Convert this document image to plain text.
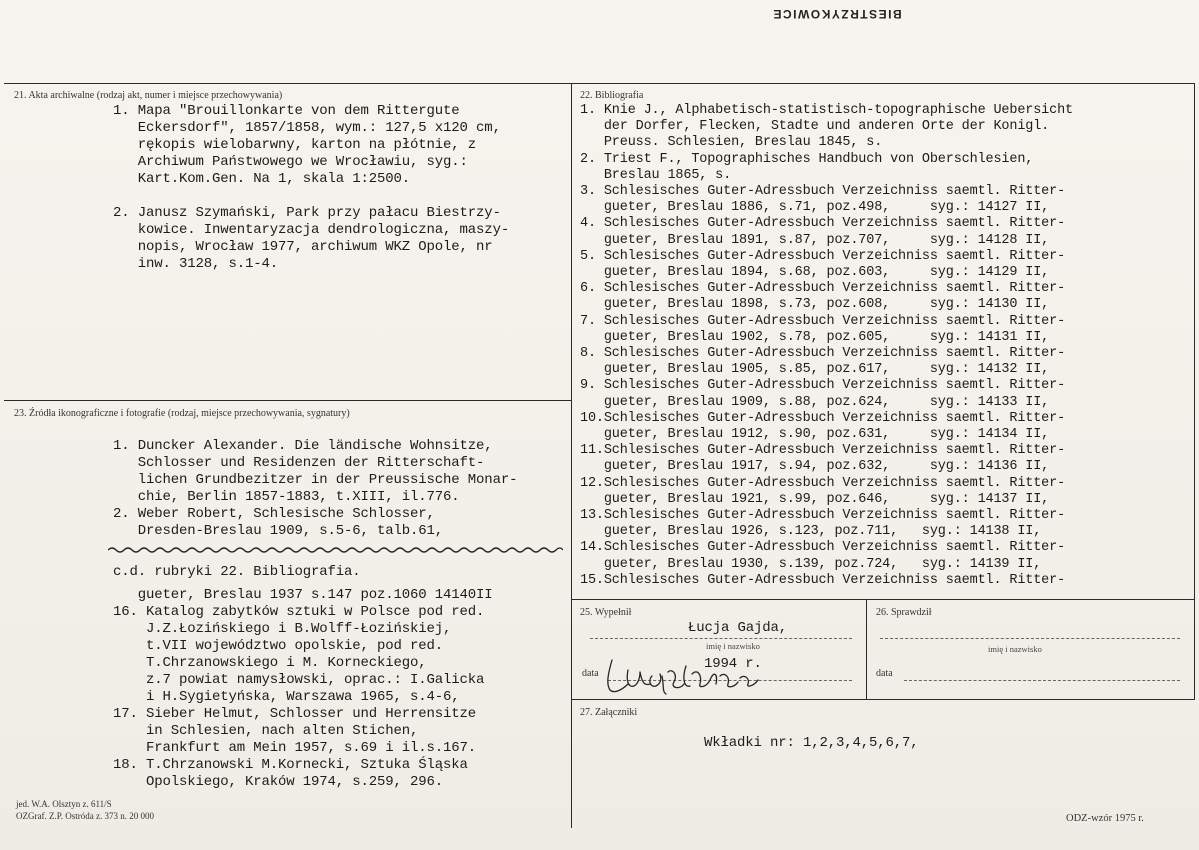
BIESTRZYKOWICE
21. Akta archiwalne (rodzaj akt, numer i miejsce przechowywania)
1. Mapa "Brouillonkarte von dem Rittergute
Eckersdorf", 1857/1858, wym.: 127,5 x120 cm,
rękopis wielobarwny, karton na płótnie, z
Archiwum Państwowego we Wrocławiu, syg.:
Kart.Kom.Gen. Na 1, skala 1:2500.

2. Janusz Szymański, Park przy pałacu Biestrzy-
kowice. Inwentaryzacja dendrologiczna, maszy-
nopis, Wrocław 1977, archiwum WKZ Opole, nr
inw. 3128, s.1-4.
22. Bibliografia
1. Knie J., Alphabetisch-statistisch-topographische Uebersicht
der Dorfer, Flecken, Stadte und anderen Orte der Konigl.
Preuss. Schlesien, Breslau 1845, s.
2. Triest F., Topographisches Handbuch von Oberschlesien,
Breslau 1865, s.
3. Schlesisches Guter-Adressbuch Verzeichniss saemtl. Ritter-
gueter, Breslau 1886, s.71, poz.498,     syg.: 14127 II,
4. Schlesisches Guter-Adressbuch Verzeichniss saemtl. Ritter-
gueter, Breslau 1891, s.87, poz.707,     syg.: 14128 II,
5. Schlesisches Guter-Adressbuch Verzeichniss saemtl. Ritter-
gueter, Breslau 1894, s.68, poz.603,     syg.: 14129 II,
6. Schlesisches Guter-Adressbuch Verzeichniss saemtl. Ritter-
gueter, Breslau 1898, s.73, poz.608,     syg.: 14130 II,
7. Schlesisches Guter-Adressbuch Verzeichniss saemtl. Ritter-
gueter, Breslau 1902, s.78, poz.605,     syg.: 14131 II,
8. Schlesisches Guter-Adressbuch Verzeichniss saemtl. Ritter-
gueter, Breslau 1905, s.85, poz.617,     syg.: 14132 II,
9. Schlesisches Guter-Adressbuch Verzeichniss saemtl. Ritter-
gueter, Breslau 1909, s.88, poz.624,     syg.: 14133 II,
10.Schlesisches Guter-Adressbuch Verzeichniss saemtl. Ritter-
gueter, Breslau 1912, s.90, poz.631,     syg.: 14134 II,
11.Schlesisches Guter-Adressbuch Verzeichniss saemtl. Ritter-
gueter, Breslau 1917, s.94, poz.632,     syg.: 14136 II,
12.Schlesisches Guter-Adressbuch Verzeichniss saemtl. Ritter-
gueter, Breslau 1921, s.99, poz.646,     syg.: 14137 II,
13.Schlesisches Guter-Adressbuch Verzeichniss saemtl. Ritter-
gueter, Breslau 1926, s.123, poz.711,   syg.: 14138 II,
14.Schlesisches Guter-Adressbuch Verzeichniss saemtl. Ritter-
gueter, Breslau 1930, s.139, poz.724,   syg.: 14139 II,
15.Schlesisches Guter-Adressbuch Verzeichniss saemtl. Ritter-
23. Źródła ikonograficzne i fotografie (rodzaj, miejsce przechowywania, sygnatury)
1. Duncker Alexander. Die ländische Wohnsitze,
Schlosser und Residenzen der Ritterschaft-
lichen Grundbezitzer in der Preussische Monar-
chie, Berlin 1857-1883, t.XIII, il.776.
2. Weber Robert, Schlesische Schlosser,
Dresden-Breslau 1909, s.5-6, talb.61,
c.d. rubryki 22. Bibliografia.
gueter, Breslau 1937 s.147 poz.1060 14140II
16. Katalog zabytków sztuki w Polsce pod red.
J.Z.Łozińskiego i B.Wolff-Łozińskiej,
t.VII województwo opolskie, pod red.
T.Chrzanowskiego i M. Korneckiego,
z.7 powiat namysłowski, oprac.: I.Galicka
i H.Sygietyńska, Warszawa 1965, s.4-6,
17. Sieber Helmut, Schlosser und Herrensitze
in Schlesien, nach alten Stichen,
Frankfurt am Mein 1957, s.69 i il.s.167.
18. T.Chrzanowski M.Kornecki, Sztuka Śląska
Opolskiego, Kraków 1974, s.259, 296.
25. Wypełnił
Łucja Gajda,
imię i nazwisko
data
1994 r.
26. Sprawdził
imię i nazwisko
data
27. Załączniki
Wkładki nr: 1,2,3,4,5,6,7,
jed. W.A. Olsztyn z. 611/S
OZGraf. Z.P. Ostróda z. 373 n. 20 000	ODZ-wzór 1975 r.
